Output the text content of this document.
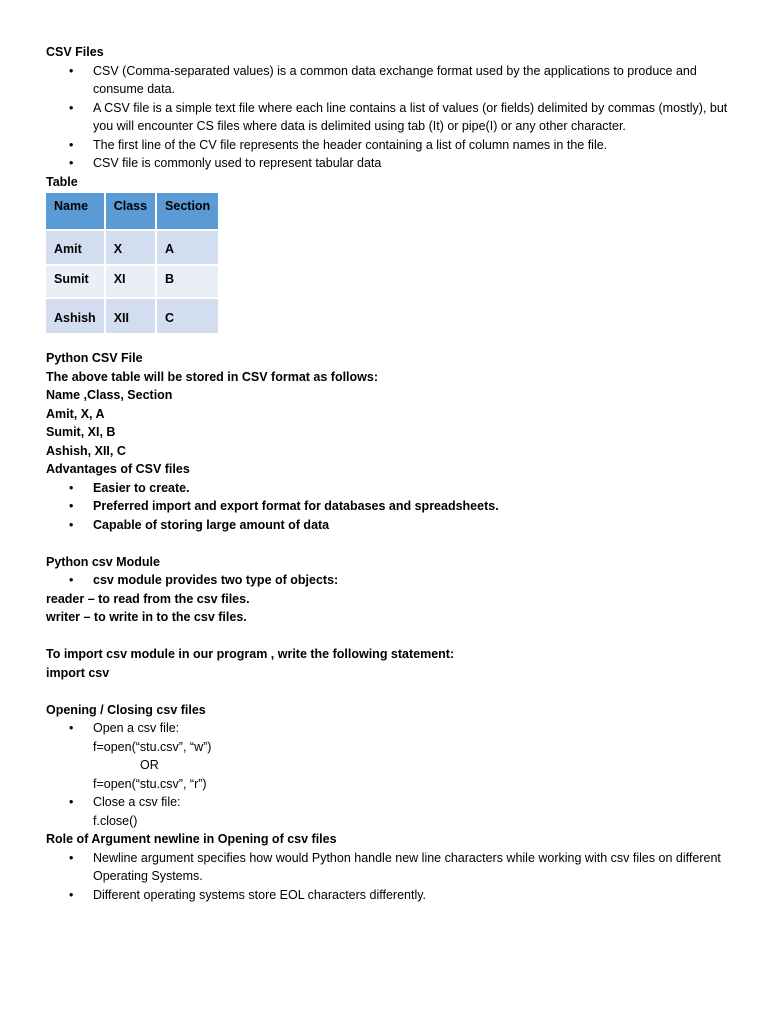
CSV Files
• CSV (Comma-separated values) is a common data exchange format used by the applications to produce and consume data.
• A CSV file is a simple text file where each line contains a list of values (or fields) delimited by commas (mostly), but you will encounter CS files where data is delimited using tab (It) or pipe(I) or any other character.
• The first line of the CV file represents the header containing a list of column names in the file.
• CSV file is commonly used to represent tabular data
Table
Name	Class	Section
Amit	X	A
Sumit	XI	B
Ashish	XII	C
Python CSV File
The above table will be stored in CSV format as follows:
Name ,Class, Section
Amit, X, A
Sumit, XI, B
Ashish, XII, C
Advantages of CSV files
• Easier to create.
• Preferred import and export format for databases and spreadsheets.
• Capable of storing large amount of data
Python csv Module
• csv module provides two type of objects:
reader – to read from the csv files.
writer – to write in to the csv files.
To import csv module in our program , write the following statement:
import csv
Opening / Closing csv files
• Open a csv file:
f=open(“stu.csv”, “w”)
OR
f=open(“stu.csv”, “r”)
• Close a csv file:
f.close()
Role of Argument newline in Opening of csv files
• Newline argument specifies how would Python handle new line characters while working with csv files on different Operating Systems.
• Different operating systems store EOL characters differently.
